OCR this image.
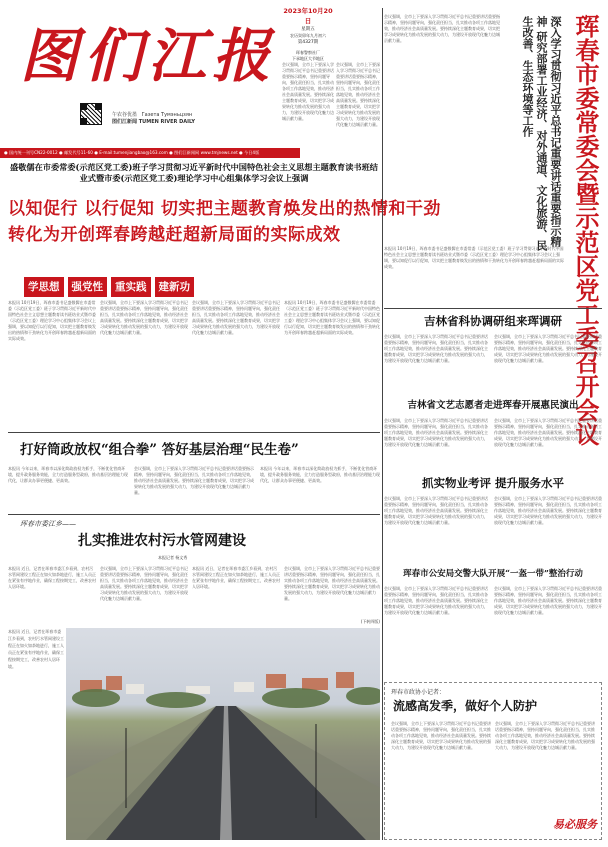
图们江报
午农谷优墨 Газета Тумэньцзян
图们江新闻 TUMEN RIVER DAILY
2023年10月20日
星期五
农历癸卯年九月初六
第4327期
珲春警察社厂
下承地区大节地区
会议强调，全市上下要深入学习贯彻习近平总书记重要讲话重要指示精神，坚持问题导向，强化责任担当，扎实推动各项工作落地见效，推动经济社会高质量发展。要持续深化主题教育成果，切实把学习成果转化为推动发展的强大动力，为建设开放现代化魅力边城贡献力量。
会议强调，全市上下要深入学习贯彻习近平总书记重要讲话重要指示精神，坚持问题导向，强化责任担当，扎实推动各项工作落地见效，推动经济社会高质量发展。要持续深化主题教育成果，切实把学习成果转化为推动发展的强大动力，为建设开放现代化魅力边城贡献力量。
● 国内统一刊号CN22-0012 ● 邮发代号11-60 ● E-mail:tumenjiangbao@163.com ● 图们江新闻网 www.tmjnews.net ● 今日4版
盛敬儒在市委常委(示范区党工委)班子学习贯彻习近平新时代中国特色社会主义思想主题教育读书班结业式暨市委(示范区党工委)理论学习中心组集体学习会议上强调
以知促行 以行促知 切实把主题教育焕发出的热情和干劲
转化为开创珲春跨越赶超新局面的实际成效
学思想 强党性 重实践 建新功
本报讯 10月19日，珲春市委书记盛敬儒在市委常委（示范区党工委）班子学习贯彻习近平新时代中国特色社会主义思想主题教育读书班结业式暨市委（示范区党工委）理论学习中心组集体学习会议上强调，要以知促行以行促知，切实把主题教育焕发出的热情和干劲转化为开创珲春跨越赶超新局面的实际成效。
会议强调，全市上下要深入学习贯彻习近平总书记重要讲话重要指示精神，坚持问题导向，强化责任担当，扎实推动各项工作落地见效，推动经济社会高质量发展。要持续深化主题教育成果，切实把学习成果转化为推动发展的强大动力，为建设开放现代化魅力边城贡献力量。
会议强调，全市上下要深入学习贯彻习近平总书记重要讲话重要指示精神，坚持问题导向，强化责任担当，扎实推动各项工作落地见效，推动经济社会高质量发展。要持续深化主题教育成果，切实把学习成果转化为推动发展的强大动力，为建设开放现代化魅力边城贡献力量。
本报讯 10月19日，珲春市委书记盛敬儒在市委常委（示范区党工委）班子学习贯彻习近平新时代中国特色社会主义思想主题教育读书班结业式暨市委（示范区党工委）理论学习中心组集体学习会议上强调，要以知促行以行促知，切实把主题教育焕发出的热情和干劲转化为开创珲春跨越赶超新局面的实际成效。
打好筒政放权“组合拳” 答好基层治理“民生卷”
本报讯 今年以来，珲春市以深化简政放权为抓手，不断优化营商环境，提升政务服务效能，全力打造服务型政府，推动基层治理能力现代化，让群众办事更便捷、更高效。
会议强调，全市上下要深入学习贯彻习近平总书记重要讲话重要指示精神，坚持问题导向，强化责任担当，扎实推动各项工作落地见效，推动经济社会高质量发展。要持续深化主题教育成果，切实把学习成果转化为推动发展的强大动力，为建设开放现代化魅力边城贡献力量。
本报讯 今年以来，珲春市以深化简政放权为抓手，不断优化营商环境，提升政务服务效能，全力打造服务型政府，推动基层治理能力现代化，让群众办事更便捷、更高效。
珲春市委江乡——
扎实推进农村污水管网建设
本报记者 杨文秀
本报讯 近日，记者在珲春市委江乡看到，农村污水管网建设工程正在如火如荼地进行，施工人员正在紧张有序地作业，确保工程按期完工，改善农村人居环境。
会议强调，全市上下要深入学习贯彻习近平总书记重要讲话重要指示精神，坚持问题导向，强化责任担当，扎实推动各项工作落地见效，推动经济社会高质量发展。要持续深化主题教育成果，切实把学习成果转化为推动发展的强大动力，为建设开放现代化魅力边城贡献力量。
本报讯 近日，记者在珲春市委江乡看到，农村污水管网建设工程正在如火如荼地进行，施工人员正在紧张有序地作业，确保工程按期完工，改善农村人居环境。
会议强调，全市上下要深入学习贯彻习近平总书记重要讲话重要指示精神，坚持问题导向，强化责任担当，扎实推动各项工作落地见效，推动经济社会高质量发展。要持续深化主题教育成果，切实把学习成果转化为推动发展的强大动力，为建设开放现代化魅力边城贡献力量。
(下转四版)
本报讯 近日，记者在珲春市委江乡看到，农村污水管网建设工程正在如火如荼地进行，施工人员正在紧张有序地作业，确保工程按期完工，改善农村人居环境。
珲春市委常委会暨示范区党工委召开会议
深入学习贯彻习近平总书记重要讲话重要指示精神 研究部署工业经济、对外通道、文化旅游、民生改善、生态环境等工作
会议强调，全市上下要深入学习贯彻习近平总书记重要讲话重要指示精神，坚持问题导向，强化责任担当，扎实推动各项工作落地见效，推动经济社会高质量发展。要持续深化主题教育成果，切实把学习成果转化为推动发展的强大动力，为建设开放现代化魅力边城贡献力量。
本报讯 10月19日，珲春市委书记盛敬儒在市委常委（示范区党工委）班子学习贯彻习近平新时代中国特色社会主义思想主题教育读书班结业式暨市委（示范区党工委）理论学习中心组集体学习会议上强调，要以知促行以行促知，切实把主题教育焕发出的热情和干劲转化为开创珲春跨越赶超新局面的实际成效。
吉林省科协调研组来珲调研
会议强调，全市上下要深入学习贯彻习近平总书记重要讲话重要指示精神，坚持问题导向，强化责任担当，扎实推动各项工作落地见效，推动经济社会高质量发展。要持续深化主题教育成果，切实把学习成果转化为推动发展的强大动力，为建设开放现代化魅力边城贡献力量。
会议强调，全市上下要深入学习贯彻习近平总书记重要讲话重要指示精神，坚持问题导向，强化责任担当，扎实推动各项工作落地见效，推动经济社会高质量发展。要持续深化主题教育成果，切实把学习成果转化为推动发展的强大动力，为建设开放现代化魅力边城贡献力量。
吉林省文艺志愿者走进珲春开展惠民演出
会议强调，全市上下要深入学习贯彻习近平总书记重要讲话重要指示精神，坚持问题导向，强化责任担当，扎实推动各项工作落地见效，推动经济社会高质量发展。要持续深化主题教育成果，切实把学习成果转化为推动发展的强大动力，为建设开放现代化魅力边城贡献力量。
会议强调，全市上下要深入学习贯彻习近平总书记重要讲话重要指示精神，坚持问题导向，强化责任担当，扎实推动各项工作落地见效，推动经济社会高质量发展。要持续深化主题教育成果，切实把学习成果转化为推动发展的强大动力，为建设开放现代化魅力边城贡献力量。
抓实物业考评 提升服务水平
会议强调，全市上下要深入学习贯彻习近平总书记重要讲话重要指示精神，坚持问题导向，强化责任担当，扎实推动各项工作落地见效，推动经济社会高质量发展。要持续深化主题教育成果，切实把学习成果转化为推动发展的强大动力，为建设开放现代化魅力边城贡献力量。
会议强调，全市上下要深入学习贯彻习近平总书记重要讲话重要指示精神，坚持问题导向，强化责任担当，扎实推动各项工作落地见效，推动经济社会高质量发展。要持续深化主题教育成果，切实把学习成果转化为推动发展的强大动力，为建设开放现代化魅力边城贡献力量。
珲春市公安局交警大队开展“一盔一带”整治行动
会议强调，全市上下要深入学习贯彻习近平总书记重要讲话重要指示精神，坚持问题导向，强化责任担当，扎实推动各项工作落地见效，推动经济社会高质量发展。要持续深化主题教育成果，切实把学习成果转化为推动发展的强大动力，为建设开放现代化魅力边城贡献力量。
会议强调，全市上下要深入学习贯彻习近平总书记重要讲话重要指示精神，坚持问题导向，强化责任担当，扎实推动各项工作落地见效，推动经济社会高质量发展。要持续深化主题教育成果，切实把学习成果转化为推动发展的强大动力，为建设开放现代化魅力边城贡献力量。
珲春市政协小记者：
流感高发季，做好个人防护
会议强调，全市上下要深入学习贯彻习近平总书记重要讲话重要指示精神，坚持问题导向，强化责任担当，扎实推动各项工作落地见效，推动经济社会高质量发展。要持续深化主题教育成果，切实把学习成果转化为推动发展的强大动力，为建设开放现代化魅力边城贡献力量。
会议强调，全市上下要深入学习贯彻习近平总书记重要讲话重要指示精神，坚持问题导向，强化责任担当，扎实推动各项工作落地见效，推动经济社会高质量发展。要持续深化主题教育成果，切实把学习成果转化为推动发展的强大动力，为建设开放现代化魅力边城贡献力量。
易必服务
